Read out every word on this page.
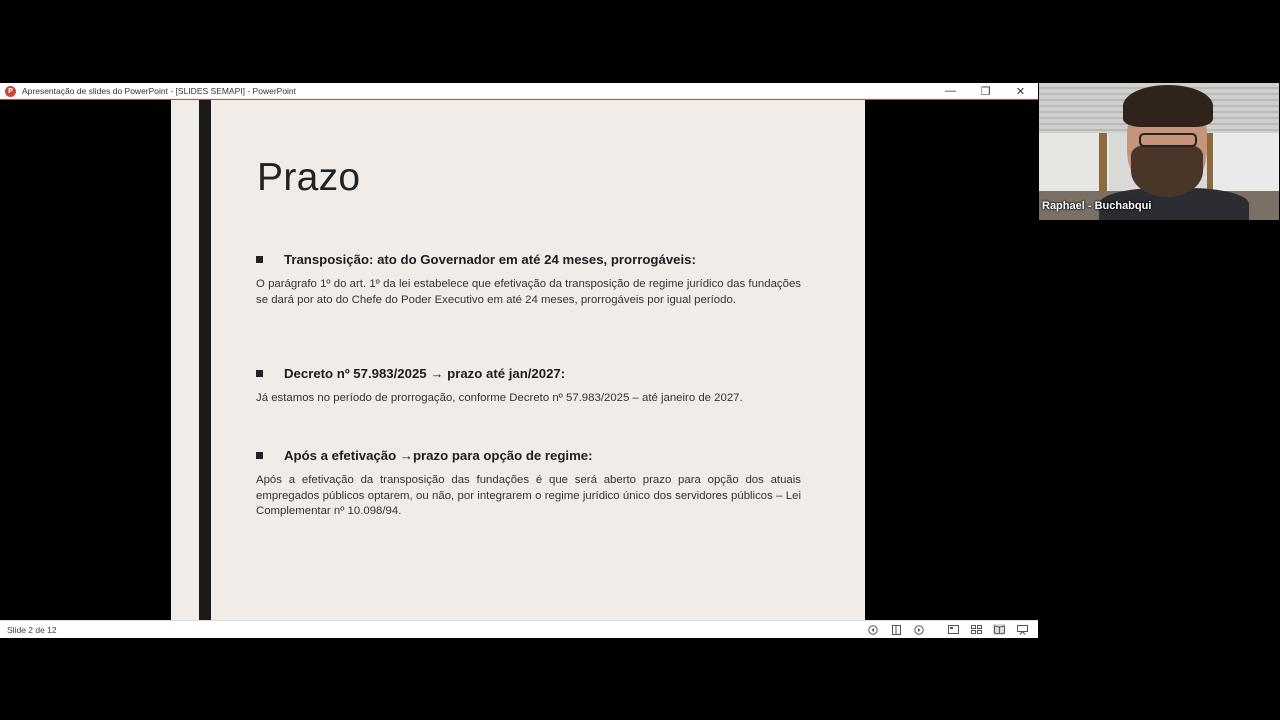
P	Apresentação de slides do PowerPoint - [SLIDES SEMAPI] - PowerPoint	—	❐	✕
Prazo
Transposição: ato do Governador em até 24 meses, prorrogáveis:
O parágrafo 1º do art. 1º da lei estabelece que efetivação da transposição de regime jurídico das fundações se dará por ato do Chefe do Poder Executivo em até 24 meses, prorrogáveis por igual período.
Decreto nº 57.983/2025 → prazo até jan/2027:
Já estamos no período de prorrogação, conforme Decreto nº 57.983/2025 – até janeiro de 2027.
Após a efetivação →prazo para opção de regime:
Após a efetivação da transposição das fundações é que será aberto prazo para opção dos atuais empregados públicos optarem, ou não, por integrarem o regime jurídico único dos servidores públicos – Lei Complementar nº 10.098/94.
Slide 2 de 12
Raphael - Buchabqui
